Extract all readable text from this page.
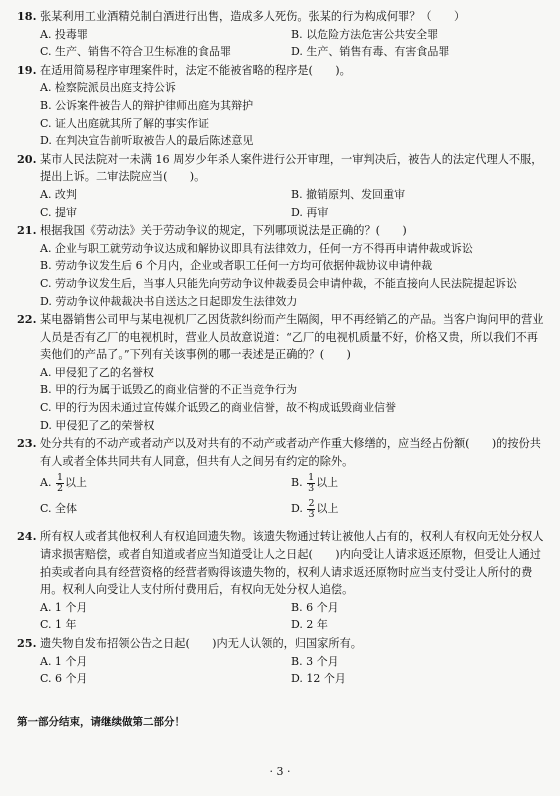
18. 张某利用工业酒精兑制白酒进行出售，造成多人死伤。张某的行为构成何罪？（　　）
A. 投毒罪	B. 以危险方法危害公共安全罪
C. 生产、销售不符合卫生标准的食品罪	D. 生产、销售有毒、有害食品罪
19. 在适用简易程序审理案件时，法定不能被省略的程序是(　　)。
A. 检察院派员出庭支持公诉
B. 公诉案件被告人的辩护律师出庭为其辩护
C. 证人出庭就其所了解的事实作证
D. 在判决宣告前听取被告人的最后陈述意见
20. 某市人民法院对一未满 16 周岁少年杀人案件进行公开审理，一审判决后，被告人的法定代理人不服，提出上诉。二审法院应当(　　)。
A. 改判	B. 撤销原判、发回重审
C. 提审	D. 再审
21. 根据我国《劳动法》关于劳动争议的规定，下列哪项说法是正确的？(　　)
A. 企业与职工就劳动争议达成和解协议即具有法律效力，任何一方不得再申请仲裁或诉讼
B. 劳动争议发生后 6 个月内，企业或者职工任何一方均可依据仲裁协议申请仲裁
C. 劳动争议发生后，当事人只能先向劳动争议仲裁委员会申请仲裁，不能直接向人民法院提起诉讼
D. 劳动争议仲裁裁决书自送达之日起即发生法律效力
22. 某电器销售公司甲与某电视机厂乙因货款纠纷而产生隔阂，甲不再经销乙的产品。当客户询问甲的营业人员是否有乙厂的电视机时，营业人员故意说道：“乙厂的电视机质量不好，价格又贵，所以我们不再卖他们的产品了。”下列有关该事例的哪一表述是正确的？(　　)
A. 甲侵犯了乙的名誉权
B. 甲的行为属于诋毁乙的商业信誉的不正当竞争行为
C. 甲的行为因未通过宣传媒介诋毁乙的商业信誉，故不构成诋毁商业信誉
D. 甲侵犯了乙的荣誉权
23. 处分共有的不动产或者动产以及对共有的不动产或者动产作重大修缮的，应当经占份额(　　)的按份共有人或者全体共同共有人同意，但共有人之间另有约定的除外。
A. $\frac{1}{2}$ 以上	B. $\frac{1}{3}$ 以上
C. 全体	D. $\frac{2}{3}$ 以上
24. 所有权人或者其他权利人有权追回遗失物。该遗失物通过转让被他人占有的，权利人有权向无处分权人请求损害赔偿，或者自知道或者应当知道受让人之日起(　　)内向受让人请求返还原物，但受让人通过拍卖或者向具有经营资格的经营者购得该遗失物的，权利人请求返还原物时应当支付受让人所付的费用。权利人向受让人支付所付费用后，有权向无处分权人追偿。
A. 1 个月	B. 6 个月
C. 1 年	D. 2 年
25. 遗失物自发布招领公告之日起(　　)内无人认领的，归国家所有。
A. 1 个月	B. 3 个月
C. 6 个月	D. 12 个月
第一部分结束，请继续做第二部分！
· 3 ·
